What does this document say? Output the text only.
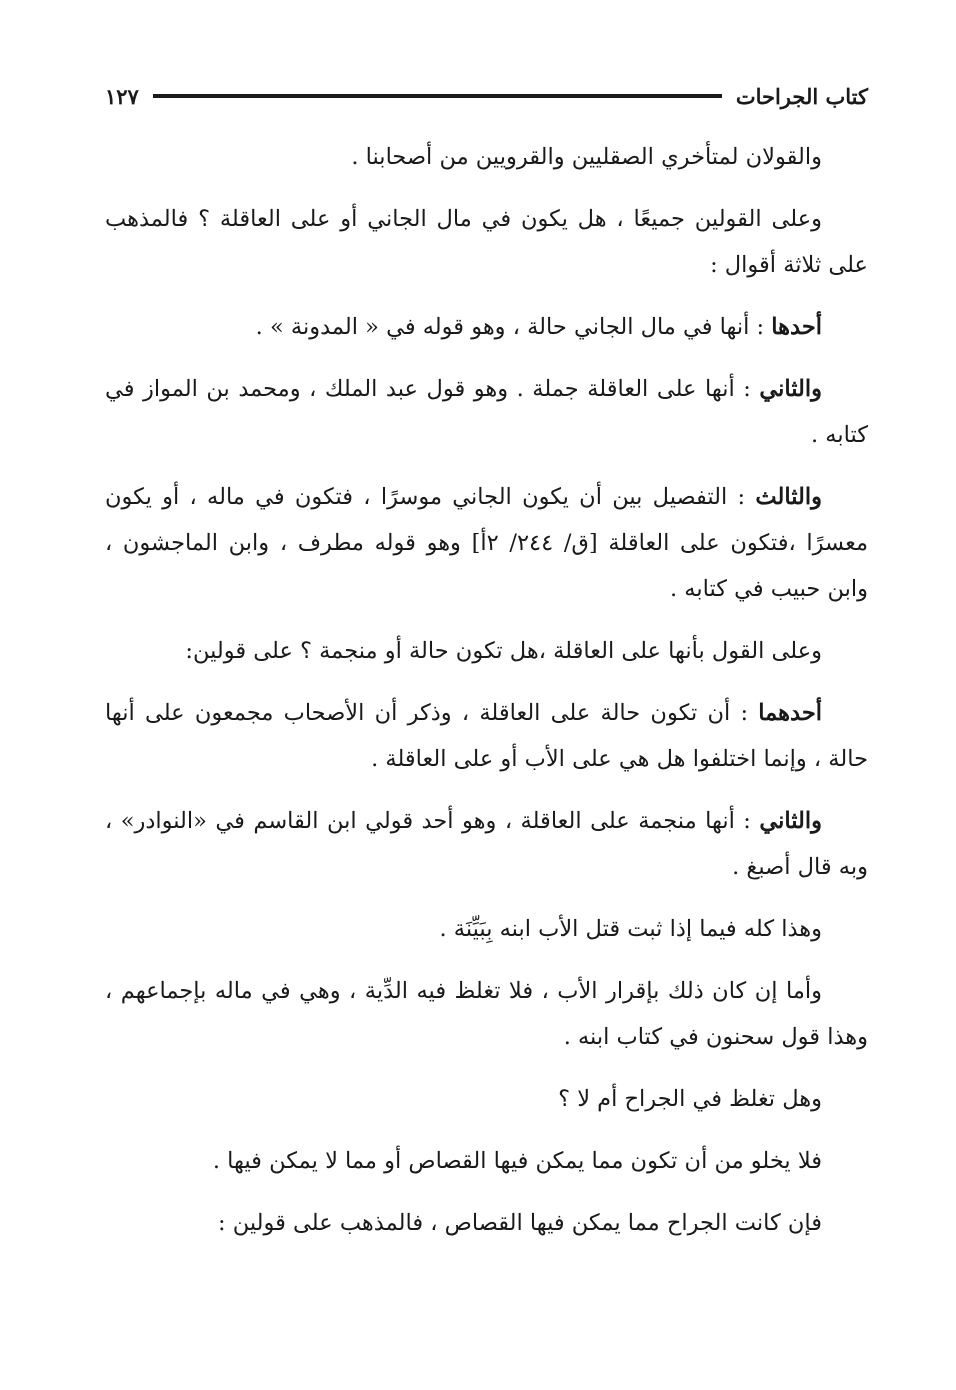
كتاب الجراحات
١٢٧

والقولان لمتأخري الصقليين والقرويين من أصحابنا .

وعلى القولين جميعًا ، هل يكون في مال الجاني أو على العاقلة ؟ فالمذهب على ثلاثة أقوال :

أحدها : أنها في مال الجاني حالة ، وهو قوله في « المدونة » .

والثاني : أنها على العاقلة جملة . وهو قول عبد الملك ، ومحمد بن المواز في كتابه .

والثالث : التفصيل بين أن يكون الجاني موسرًا ، فتكون في ماله ، أو يكون معسرًا ،فتكون على العاقلة [ق/ ٢٤٤/ ٢أ] وهو قوله مطرف ، وابن الماجشون ، وابن حبيب في كتابه .

وعلى القول بأنها على العاقلة ،هل تكون حالة أو منجمة ؟ على قولين:

أحدهما : أن تكون حالة على العاقلة ، وذكر أن الأصحاب مجمعون على أنها حالة ، وإنما اختلفوا هل هي على الأب أو على العاقلة .

والثاني : أنها منجمة على العاقلة ، وهو أحد قولي ابن القاسم في «النوادر» ، وبه قال أصبغ .

وهذا كله فيما إذا ثبت قتل الأب ابنه بِبَيِّنَة .

وأما إن كان ذلك بإقرار الأب ، فلا تغلظ فيه الدِّية ، وهي في ماله بإجماعهم ، وهذا قول سحنون في كتاب ابنه .

وهل تغلظ في الجراح أم لا ؟

فلا يخلو من أن تكون مما يمكن فيها القصاص أو مما لا يمكن فيها .

فإن كانت الجراح مما يمكن فيها القصاص ، فالمذهب على قولين :
